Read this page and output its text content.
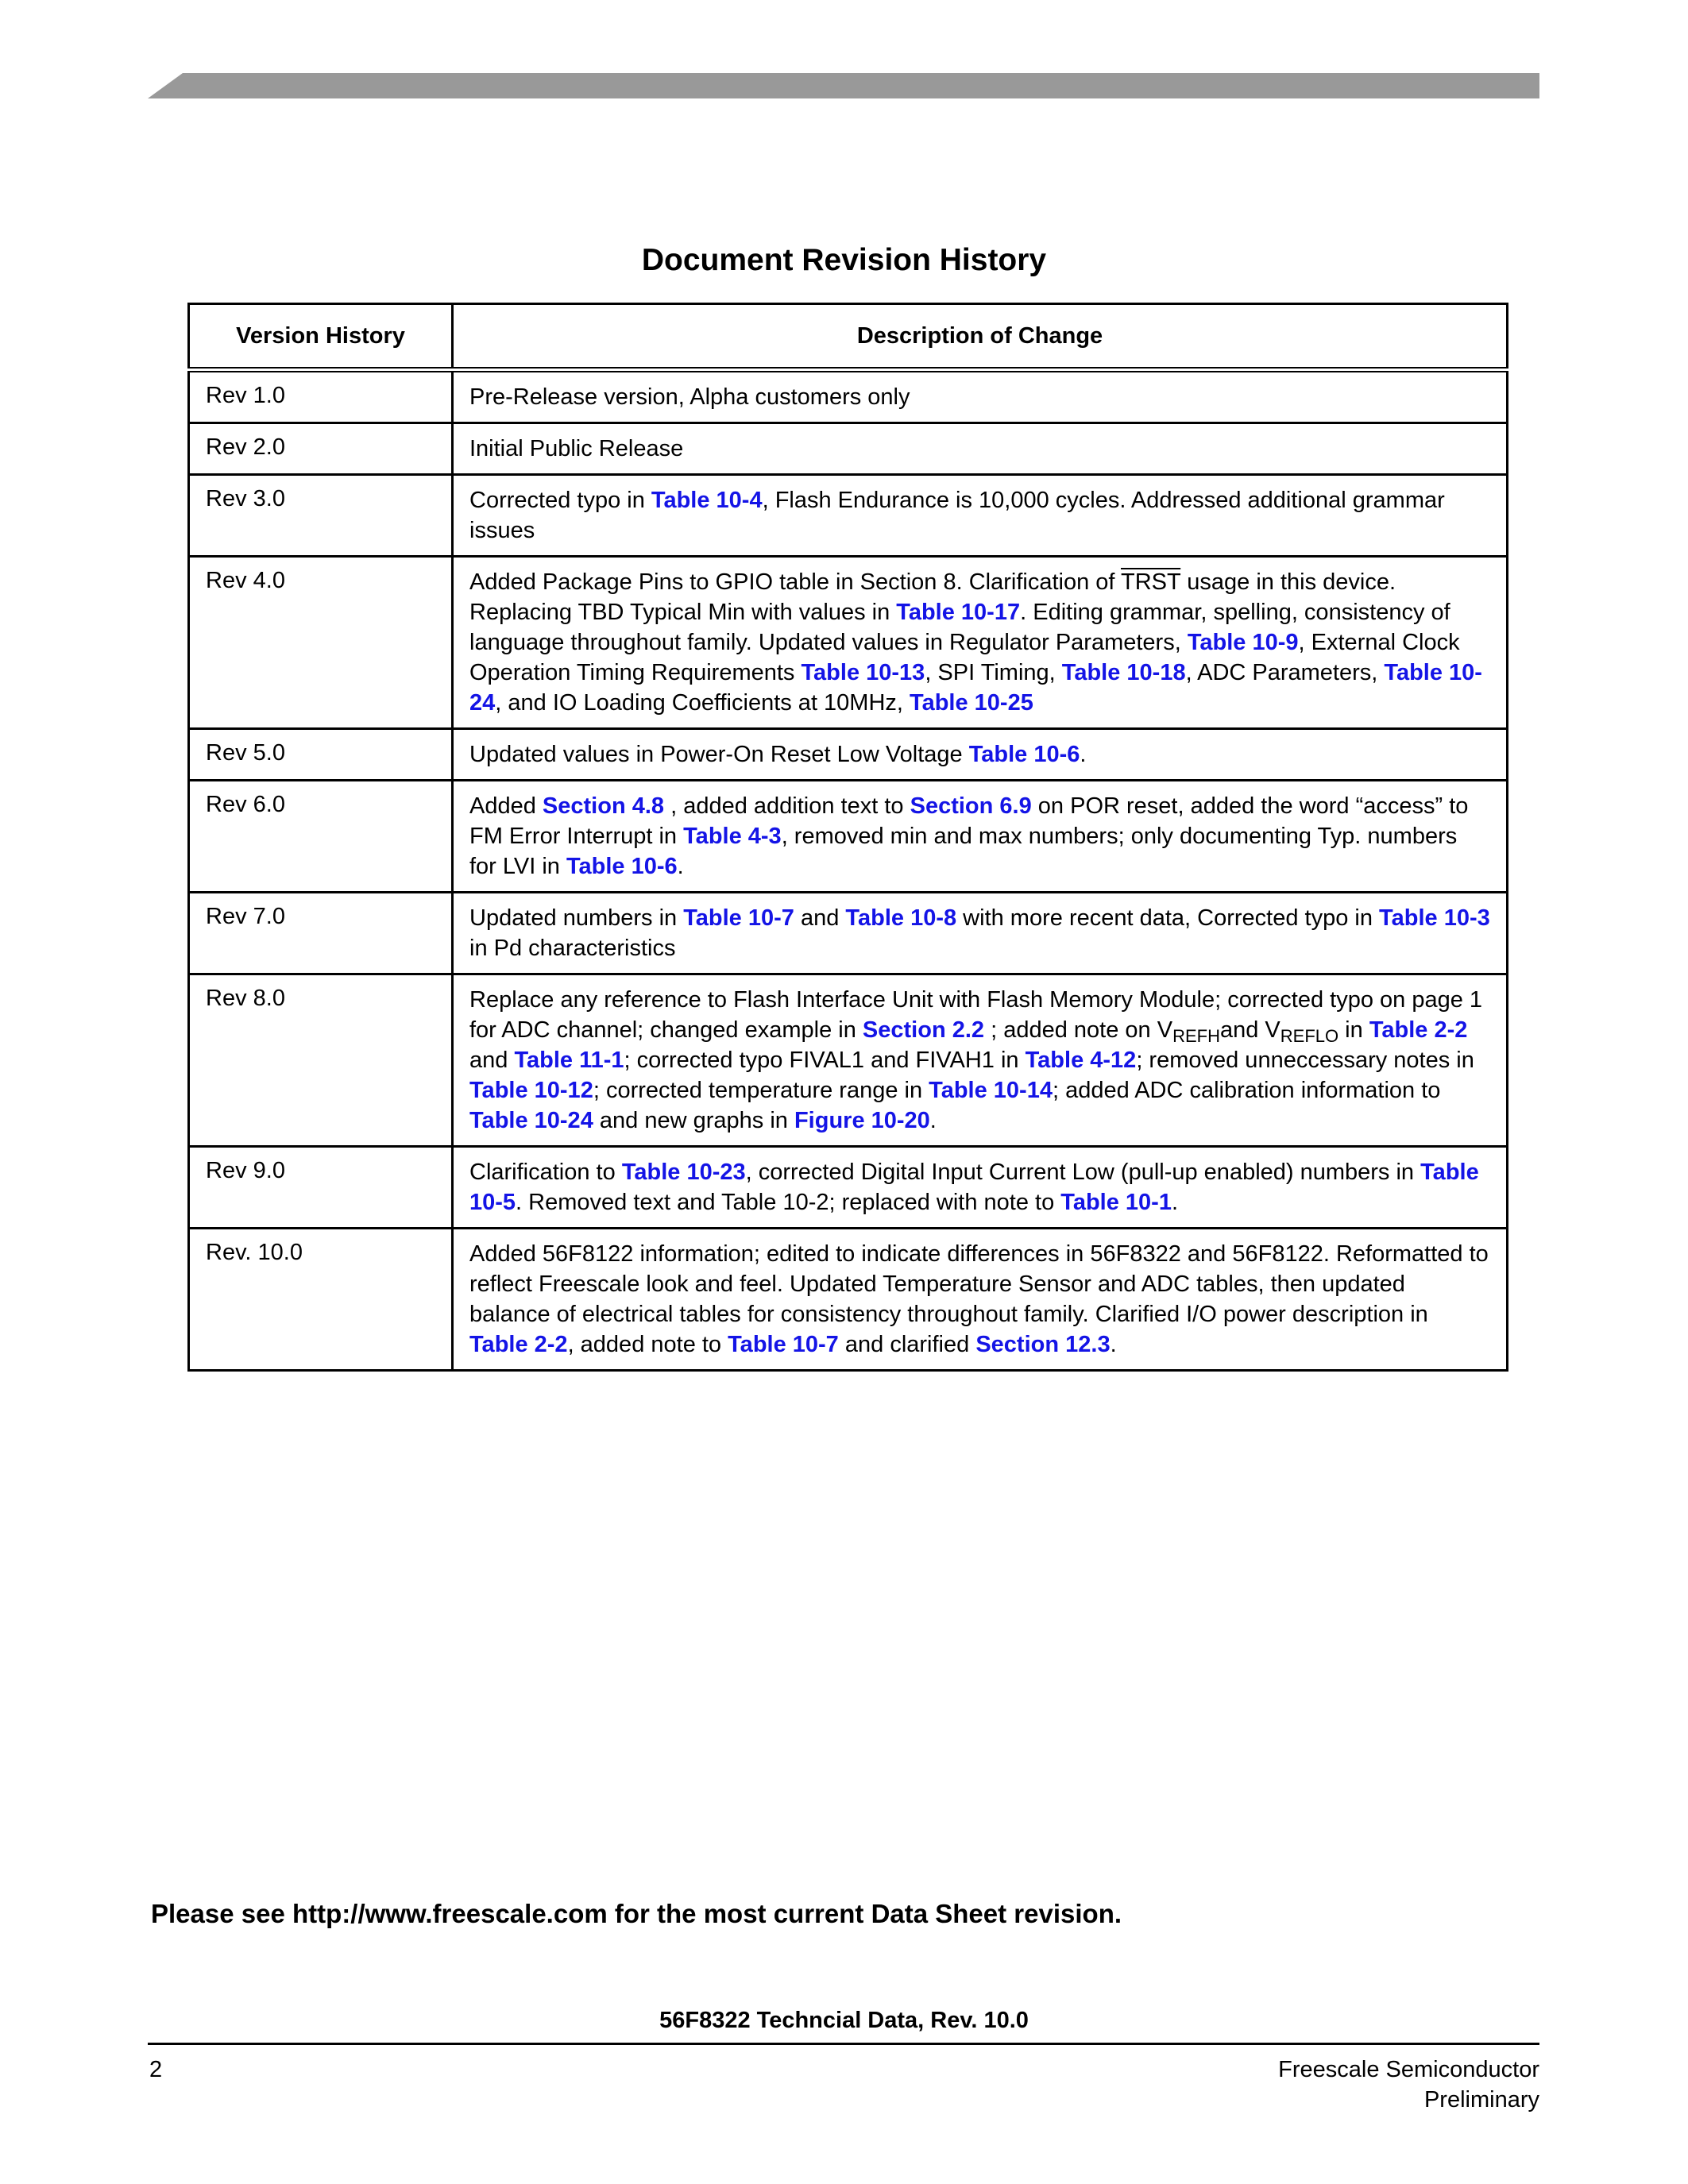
Document Revision History
Version History	Description of Change
Rev 1.0	Pre-Release version, Alpha customers only
Rev 2.0	Initial Public Release
Rev 3.0	Corrected typo in Table 10-4, Flash Endurance is 10,000 cycles. Addressed additional grammar issues
Rev 4.0	Added Package Pins to GPIO table in Section 8. Clarification of TRST usage in this device. Replacing TBD Typical Min with values in Table 10-17. Editing grammar, spelling, consistency of language throughout family. Updated values in Regulator Parameters, Table 10-9, External Clock Operation Timing Requirements Table 10-13, SPI Timing, Table 10-18, ADC Parameters, Table 10-24, and IO Loading Coefficients at 10MHz, Table 10-25
Rev 5.0	Updated values in Power-On Reset Low Voltage Table 10-6.
Rev 6.0	Added Section 4.8 , added addition text to Section 6.9 on POR reset, added the word “access” to FM Error Interrupt in Table 4-3, removed min and max numbers; only documenting Typ. numbers for LVI in Table 10-6.
Rev 7.0	Updated numbers in Table 10-7 and Table 10-8 with more recent data, Corrected typo in Table 10-3 in Pd characteristics
Rev 8.0	Replace any reference to Flash Interface Unit with Flash Memory Module; corrected typo on page 1 for ADC channel; changed example in Section 2.2 ; added note on $V_{REFH}and$ $V_{REFLO}$ in Table 2-2 and Table 11-1; corrected typo FIVAL1 and FIVAH1 in Table 4-12; removed unneccessary notes in Table 10-12; corrected temperature range in Table 10-14; added ADC calibration information to Table 10-24 and new graphs in Figure 10-20.
Rev 9.0	Clarification to Table 10-23, corrected Digital Input Current Low (pull-up enabled) numbers in Table 10-5. Removed text and Table 10-2; replaced with note to Table 10-1.
Rev. 10.0	Added 56F8122 information; edited to indicate differences in 56F8322 and 56F8122. Reformatted to reflect Freescale look and feel. Updated Temperature Sensor and ADC tables, then updated balance of electrical tables for consistency throughout family. Clarified I/O power description in Table 2-2, added note to Table 10-7 and clarified Section 12.3.
Please see http://www.freescale.com for the most current Data Sheet revision.
56F8322 Techncial Data, Rev. 10.0
2	Freescale Semiconductor
Preliminary
